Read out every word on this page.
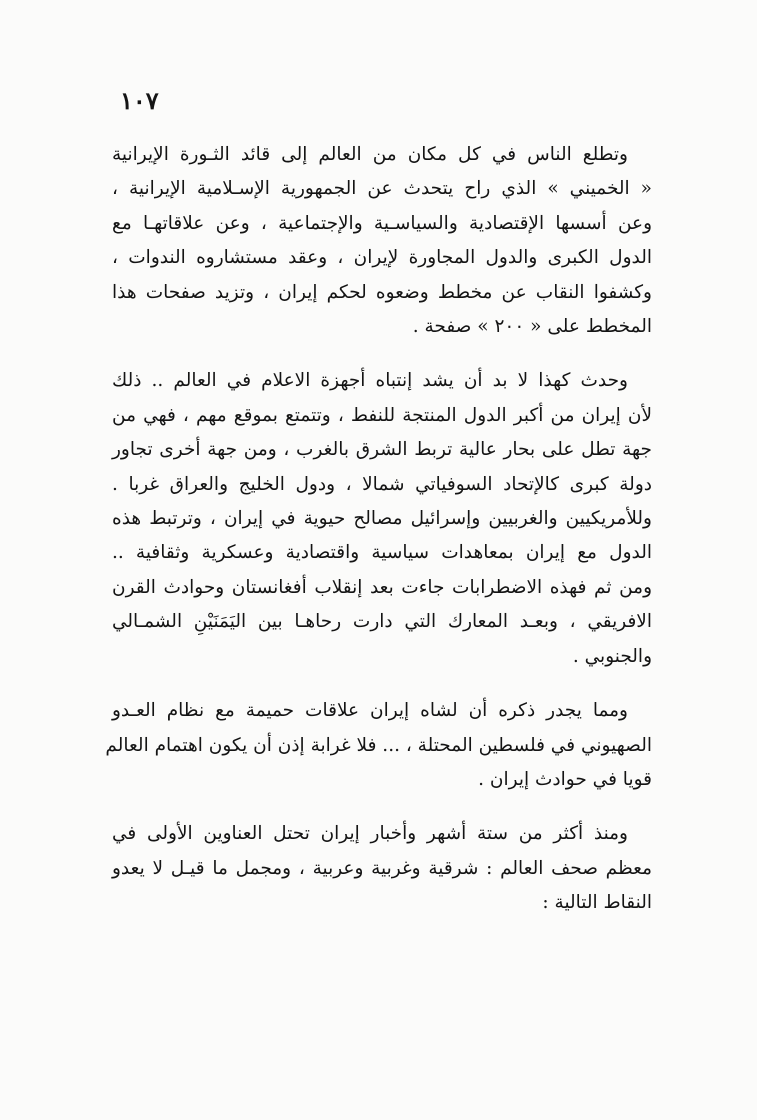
١٠٧

وتطلع الناس في كل مكان من العالم إلى قائد الثـورة الإيرانية
« الخميني » الذي راح يتحدث عن الجمهورية الإسـلامية الإيرانية ،
وعن أسسها الإقتصادية والسياسـية والإجتماعية ، وعن علاقاتهـا مع
الدول الكبرى والدول المجاورة لإيران ، وعقد مستشاروه الندوات ،
وكشفوا النقاب عن مخطط وضعوه لحكم إيران ، وتزيد صفحات هذا
المخطط على « ٢٠٠ » صفحة .

وحدث كهذا لا بد أن يشد إنتباه أجهزة الاعلام في العالم .. ذلك
لأن إيران من أكبر الدول المنتجة للنفط ، وتتمتع بموقع مهم ، فهي من
جهة تطل على بحار عالية تربط الشرق بالغرب ، ومن جهة أخرى تجاور
دولة كبرى كالإتحاد السوفياتي شمالا ، ودول الخليج والعراق غربا .
وللأمريكيين والغربيين وإسرائيل مصالح حيوية في إيران ، وترتبط هذه
الدول مع إيران بمعاهدات سياسية واقتصادية وعسكرية وثقافية ..
ومن ثم فهذه الاضطرابات جاءت بعد إنقلاب أفغانستان وحوادث القرن
الافريقي ، وبعـد المعارك التي دارت رحاهـا بين اليَمَنَيْنِ الشمـالي
والجنوبي .

ومما يجدر ذكره أن لشاه إيران علاقات حميمة مع نظام العـدو
الصهيوني في فلسطين المحتلة ، ... فلا غرابة إذن أن يكون اهتمام العالم
قويا في حوادث إيران .

ومنذ أكثر من ستة أشهر وأخبار إيران تحتل العناوين الأولى في
معظم صحف العالم : شرقية وغربية وعربية ، ومجمل ما قيـل لا يعدو
النقاط التالية :
